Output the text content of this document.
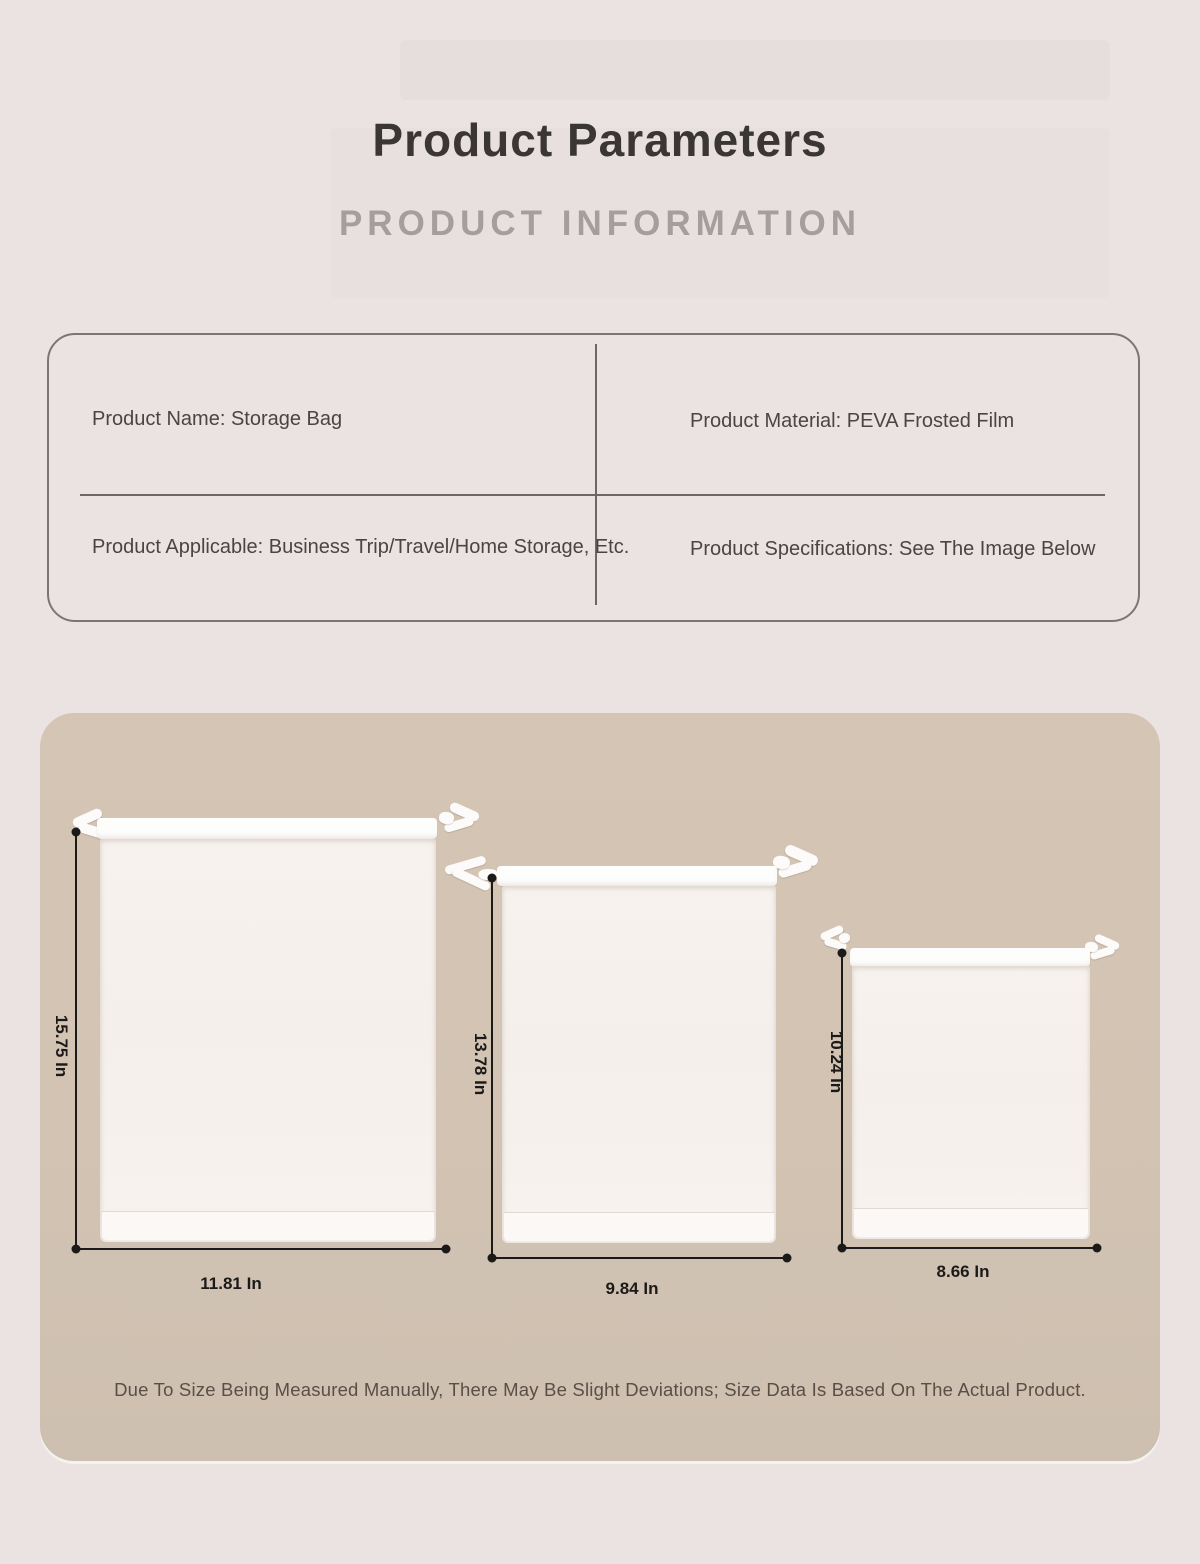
Product Parameters
PRODUCT INFORMATION
Product Name: Storage Bag	Product Material: PEVA Frosted Film
Product Applicable: Business Trip/Travel/Home Storage, Etc.	Product Specifications: See The Image Below
15.75 In
11.81 In
13.78 In
9.84 In
10.24 In
8.66 In
Due To Size Being Measured Manually, There May Be Slight Deviations; Size Data Is Based On The Actual Product.
